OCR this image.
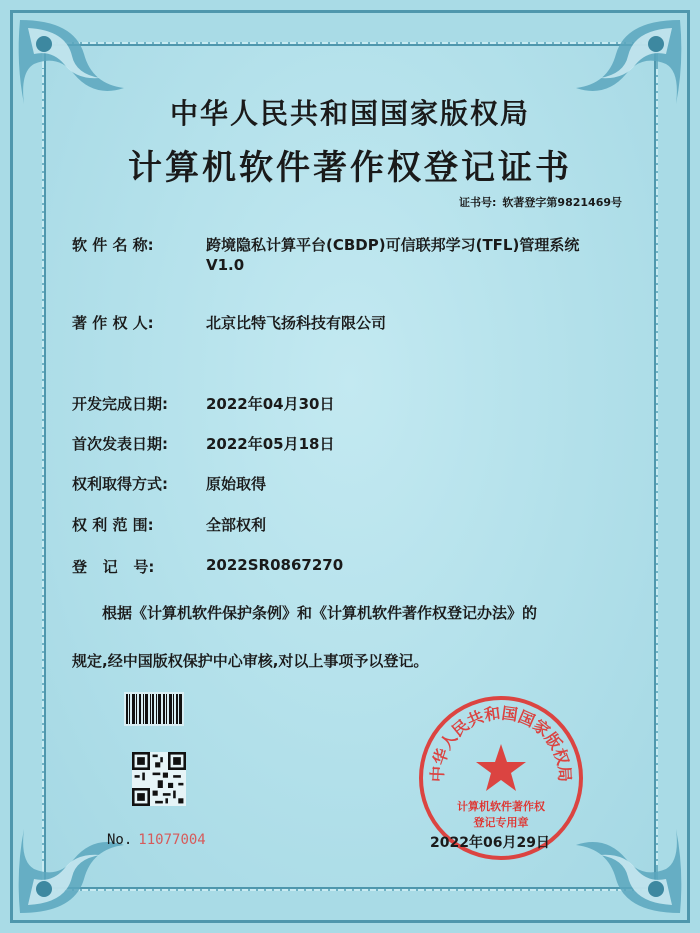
中华人民共和国国家版权局
计算机软件著作权登记证书
证书号: 软著登字第9821469号
软 件 名 称:	跨境隐私计算平台(CBDP)可信联邦学习(TFL)管理系统
V1.0
著 作 权 人:	北京比特飞扬科技有限公司
开发完成日期:	2022年04月30日
首次发表日期:	2022年05月18日
权利取得方式:	原始取得
权 利 范 围:	全部权利
登   记   号:	2022SR0867270
根据《计算机软件保护条例》和《计算机软件著作权登记办法》的
规定,经中国版权保护中心审核,对以上事项予以登记。
No. 11077004
中华人民共和国国家版权局
计算机软件著作权
登记专用章
2022年06月29日
